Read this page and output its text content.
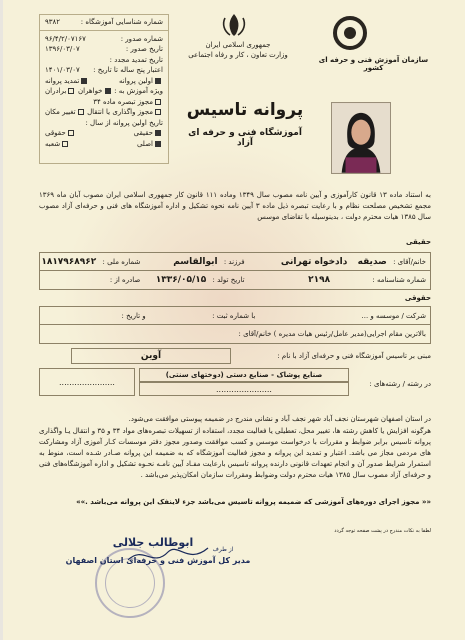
شماره شناسایی آموزشگاه :
۹۳۸۲
شماره صدور :
۹۶/۴/۲/۰۷۱۶۷
تاریخ صدور :
۱۳۹۶/۰۳/۰۷
تاریخ تمدید مجدد :
اعتبار پنج ساله تا تاریخ :
۱۴۰۱/۰۳/۰۷
اولین پروانه
تمدید پروانه
ویژه آموزش به :
خواهران
برادران
مجوز تبصره ماده ۳۴
مجوز واگذاری یا انتقال
تغییر مکان
تاریخ اولین پروانه از سال :
حقیقی
حقوقی
اصلی
شعبه
جمهوری اسلامی ایران
وزارت تعاون ، کار و رفاه اجتماعی
سازمان آموزش فنی و حرفه ای کشور
پروانه تاسیس
آموزشگاه فنی و حرفه ای آزاد
به استناد ماده ۱۳ قانون کارآموزی و آیین نامه مصوب سال ۱۳۴۹ وماده ۱۱۱ قانون کار جمهوری اسلامی ایران مصوب آبان ماه ۱۳۶۹ مجمع تشخیص مصلحت نظام و با رعایت تبصره ذیل ماده ۳ آیین نامه نحوه تشکیل و اداره آموزشگاه های فنی و حرفه‌ای آزاد مصوب سال ۱۳۸۵ هیات محترم دولت ، بدینوسیله با تقاضای موسس
حقیقی
خانم/آقای : صدیقه دادخواه تهرانی
فرزند : ابوالقاسم
شماره ملی : ۱۸۱۷۹۶۸۹۶۲
شماره شناسنامه : ۲۱۹۸
تاریخ تولد : ۱۳۳۶/۰۵/۱۵
صادره از :
حقوقی
شرکت / موسسه و ...
با شماره ثبت :
و تاریخ :
بالاترین مقام اجرایی(مدیر عامل/رئیس هیات مدیره ) خانم/آقای :
مبنی بر تاسیس آموزشگاه فنی و حرفه‌ای آزاد با نام :
آوین
در رشته / رشته‌های :
صنایع پوشاک - صنایع دستی (دوختهای سنتی)
......................
......................
در استان اصفهان شهرستان نجف آباد شهر نجف آباد و نشانی مندرج در ضمیمه پیوستی موافقت می‌شود.
هرگونه افزایش یا کاهش رشته ها، تغییر محل، تعطیلی یا فعالیت مجدد، استفاده از تسهیلات تبصره‌های مواد ۳۴ و ۳۵ و انتقال یـا واگذاری پروانه تاسیس برابر ضوابط و مقررات با درخواست موسس و کسب موافقت وصدور مجوز دفتر موسسات کـار آموزی آزاد ومشارکت های مردمی مجاز می باشد. اعتبار و تمدید این پروانه و مجوز فعالیت آموزشگاه که به ضمیمه این پروانه صـادر شـده است، منوط به استمرار شرایط صدور آن و انجام تعهدات قانونی دارنده پروانه تاسیس بارعایت مفـاد آیین نامـه نحـوه تشکیل و اداره آموزشگاه‌های فنی و حرفه‌ای آزاد مصوب سال ۱۳۸۵ هیات محترم دولت وضوابط ومقررات سازمان امکان‌پذیر می‌باشد .
«« مجوز اجرای دوره‌های آموزشی که ضمیمه پروانه تاسیس می‌باشد جزء لاینفک این پروانه می‌باشد .»»
لطفا به نکات مندرج در پشت صفحه توجه گردد
ابوطالب جلالی
از طرف
مدیر کل آموزش فنی و حرفه‌ای استان اصفهان
